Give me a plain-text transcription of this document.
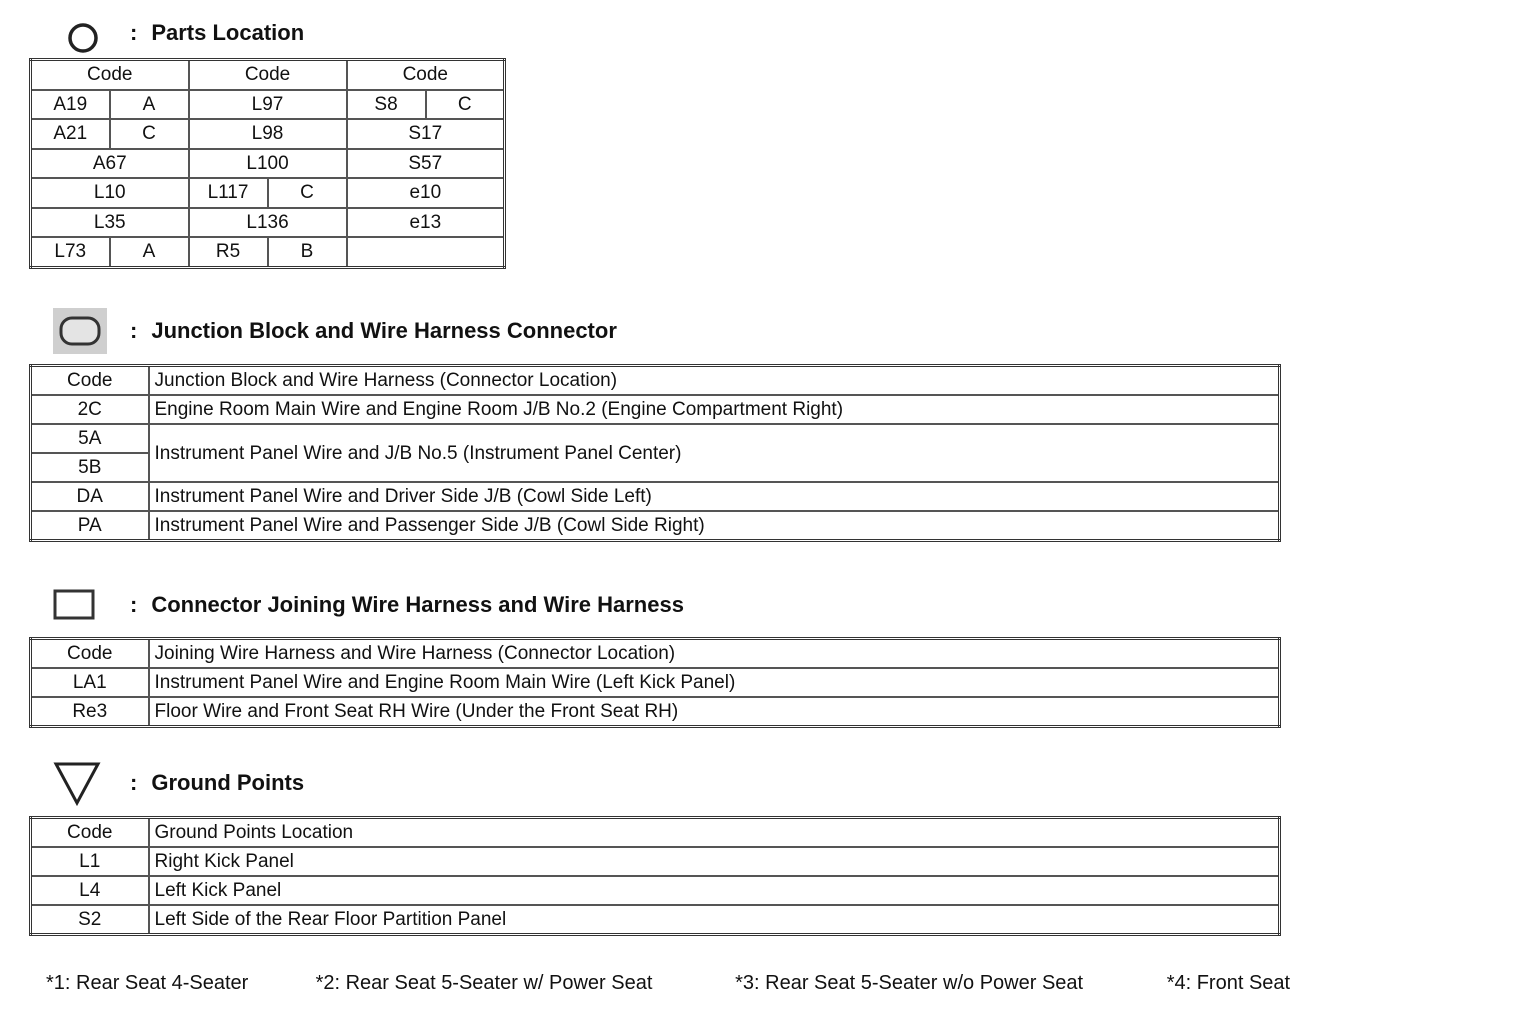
: Parts Location
Code		Code		Code	
A19	A	L97		S8	C
A21	C	L98		S17	
A67		L100		S57	
L10		L117	C	e10	
L35		L136		e13	
L73	A	R5	B		
: Junction Block and Wire Harness Connector
Code	Junction Block and Wire Harness (Connector Location)
2C	Engine Room Main Wire and Engine Room J/B No.2 (Engine Compartment Right)
5A	Instrument Panel Wire and J/B No.5 (Instrument Panel Center)
5B	
DA	Instrument Panel Wire and Driver Side J/B (Cowl Side Left)
PA	Instrument Panel Wire and Passenger Side J/B (Cowl Side Right)
: Connector Joining Wire Harness and Wire Harness
Code	Joining Wire Harness and Wire Harness (Connector Location)
LA1	Instrument Panel Wire and Engine Room Main Wire (Left Kick Panel)
Re3	Floor Wire and Front Seat RH Wire (Under the Front Seat RH)
: Ground Points
Code	Ground Points Location
L1	Right Kick Panel
L4	Left Kick Panel
S2	Left Side of the Rear Floor Partition Panel
*1: Rear Seat 4-Seater	*2: Rear Seat 5-Seater w/ Power Seat	*3: Rear Seat 5-Seater w/o Power Seat	*4: Front Seat
